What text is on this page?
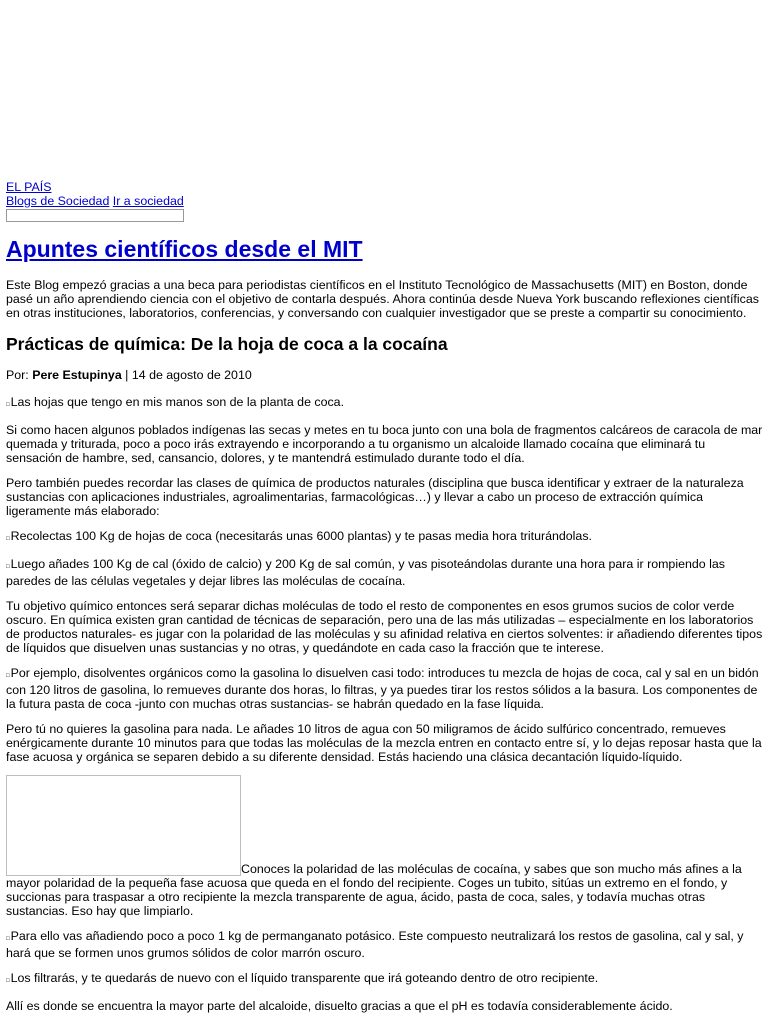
EL PAÍS
Blogs de Sociedad Ir a sociedad
Apuntes científicos desde el MIT

Este Blog empezó gracias a una beca para periodistas científicos en el Instituto Tecnológico de Massachusetts (MIT) en Boston, donde pasé un año aprendiendo ciencia con el objetivo de contarla después. Ahora continúa desde Nueva York buscando reflexiones científicas en otras instituciones, laboratorios, conferencias, y conversando con cualquier investigador que se preste a compartir su conocimiento.

Prácticas de química: De la hoja de coca a la cocaína

Por: Pere Estupinya | 14 de agosto de 2010

□ Las hojas que tengo en mis manos son de la planta de coca.

Si como hacen algunos poblados indígenas las secas y metes en tu boca junto con una bola de fragmentos calcáreos de caracola de mar quemada y triturada, poco a poco irás extrayendo e incorporando a tu organismo un alcaloide llamado cocaína que eliminará tu sensación de hambre, sed, cansancio, dolores, y te mantendrá estimulado durante todo el día.

Pero también puedes recordar las clases de química de productos naturales (disciplina que busca identificar y extraer de la naturaleza sustancias con aplicaciones industriales, agroalimentarias, farmacológicas…) y llevar a cabo un proceso de extracción química ligeramente más elaborado:

□ Recolectas 100 Kg de hojas de coca (necesitarás unas 6000 plantas) y te pasas media hora triturándolas.

□ Luego añades 100 Kg de cal (óxido de calcio) y 200 Kg de sal común, y vas pisoteándolas durante una hora para ir rompiendo las paredes de las células vegetales y dejar libres las moléculas de cocaína.

Tu objetivo químico entonces será separar dichas moléculas de todo el resto de componentes en esos grumos sucios de color verde oscuro. En química existen gran cantidad de técnicas de separación, pero una de las más utilizadas – especialmente en los laboratorios de productos naturales- es jugar con la polaridad de las moléculas y su afinidad relativa en ciertos solventes: ir añadiendo diferentes tipos de líquidos que disuelven unas sustancias y no otras, y quedándote en cada caso la fracción que te interese.

□ Por ejemplo, disolventes orgánicos como la gasolina lo disuelven casi todo: introduces tu mezcla de hojas de coca, cal y sal en un bidón con 120 litros de gasolina, lo remueves durante dos horas, lo filtras, y ya puedes tirar los restos sólidos a la basura. Los componentes de la futura pasta de coca -junto con muchas otras sustancias- se habrán quedado en la fase líquida.

Pero tú no quieres la gasolina para nada. Le añades 10 litros de agua con 50 miligramos de ácido sulfúrico concentrado, remueves enérgicamente durante 10 minutos para que todas las moléculas de la mezcla entren en contacto entre sí, y lo dejas reposar hasta que la fase acuosa y orgánica se separen debido a su diferente densidad. Estás haciendo una clásica decantación líquido-líquido.

Conoces la polaridad de las moléculas de cocaína, y sabes que son mucho más afines a la mayor polaridad de la pequeña fase acuosa que queda en el fondo del recipiente. Coges un tubito, sitúas un extremo en el fondo, y succionas para traspasar a otro recipiente la mezcla transparente de agua, ácido, pasta de coca, sales, y todavía muchas otras sustancias. Eso hay que limpiarlo.

□ Para ello vas añadiendo poco a poco 1 kg de permanganato potásico. Este compuesto neutralizará los restos de gasolina, cal y sal, y hará que se formen unos grumos sólidos de color marrón oscuro.

□ Los filtrarás, y te quedarás de nuevo con el líquido transparente que irá goteando dentro de otro recipiente.

Allí es donde se encuentra la mayor parte del alcaloide, disuelto gracias a que el pH es todavía considerablemente ácido.
